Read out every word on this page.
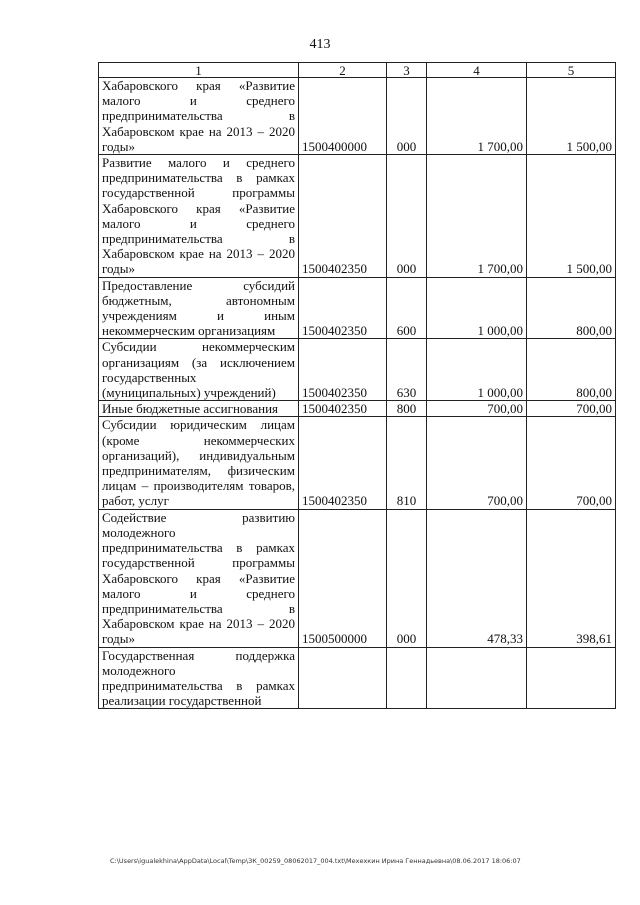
413
1	2	3	4	5
Хабаровского края «Развитие малого и среднего предпринимательства в Хабаровском крае на 2013 – 2020 годы»	1500400000	000	1 700,00	1 500,00
Развитие малого и среднего предпринимательства в рамках государственной программы Хабаровского края «Развитие малого и среднего предпринимательства в Хабаровском крае на 2013 – 2020 годы»	1500402350	000	1 700,00	1 500,00
Предоставление субсидий бюджетным, автономным учреждениям и иным некоммерческим организациям	1500402350	600	1 000,00	800,00
Субсидии некоммерческим организациям (за исключением государственных (муниципальных) учреждений)	1500402350	630	1 000,00	800,00
Иные бюджетные ассигнования	1500402350	800	700,00	700,00
Субсидии юридическим лицам (кроме некоммерческих организаций), индивидуальным предпринимателям, физическим лицам – производителям товаров, работ, услуг	1500402350	810	700,00	700,00
Содействие развитию молодежного предпринимательства в рамках государственной программы Хабаровского края «Развитие малого и среднего предпринимательства в Хабаровском крае на 2013 – 2020 годы»	1500500000	000	478,33	398,61
Государственная поддержка молодежного предпринимательства в рамках реализации государственной				
C:\Users\igualekhina\AppData\Local\Temp\ЗК_00259_08062017_004.txt\Мехехкин Ирина Геннадьевна\08.06.2017 18:06:07
